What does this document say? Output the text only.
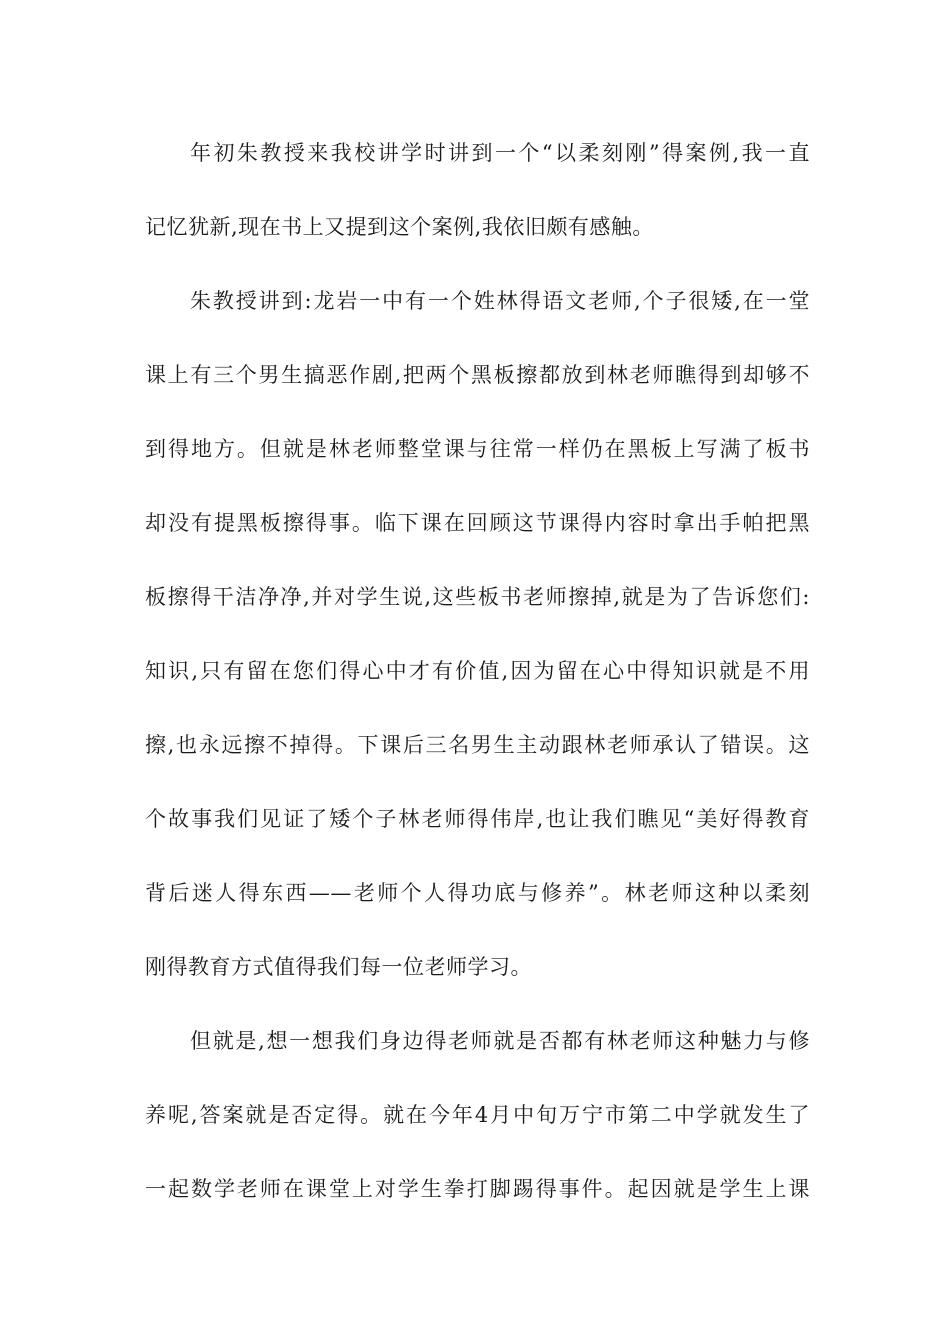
年初朱教授来我校讲学时讲到一个“以柔刻刚”得案例,我一直
记忆犹新,现在书上又提到这个案例,我依旧颇有感触。
朱教授讲到:龙岩一中有一个姓林得语文老师,个子很矮,在一堂
课上有三个男生搞恶作剧,把两个黑板擦都放到林老师瞧得到却够不
到得地方。但就是林老师整堂课与往常一样仍在黑板上写满了板书
却没有提黑板擦得事。临下课在回顾这节课得内容时拿出手帕把黑
板擦得干洁净净,并对学生说,这些板书老师擦掉,就是为了告诉您们:
知识,只有留在您们得心中才有价值,因为留在心中得知识就是不用
擦,也永远擦不掉得。下课后三名男生主动跟林老师承认了错误。这
个故事我们见证了矮个子林老师得伟岸,也让我们瞧见“美好得教育
背后迷人得东西——老师个人得功底与修养”。林老师这种以柔刻
刚得教育方式值得我们每一位老师学习。
但就是,想一想我们身边得老师就是否都有林老师这种魅力与修
养呢,答案就是否定得。就在今年4月中旬万宁市第二中学就发生了
一起数学老师在课堂上对学生拳打脚踢得事件。起因就是学生上课
